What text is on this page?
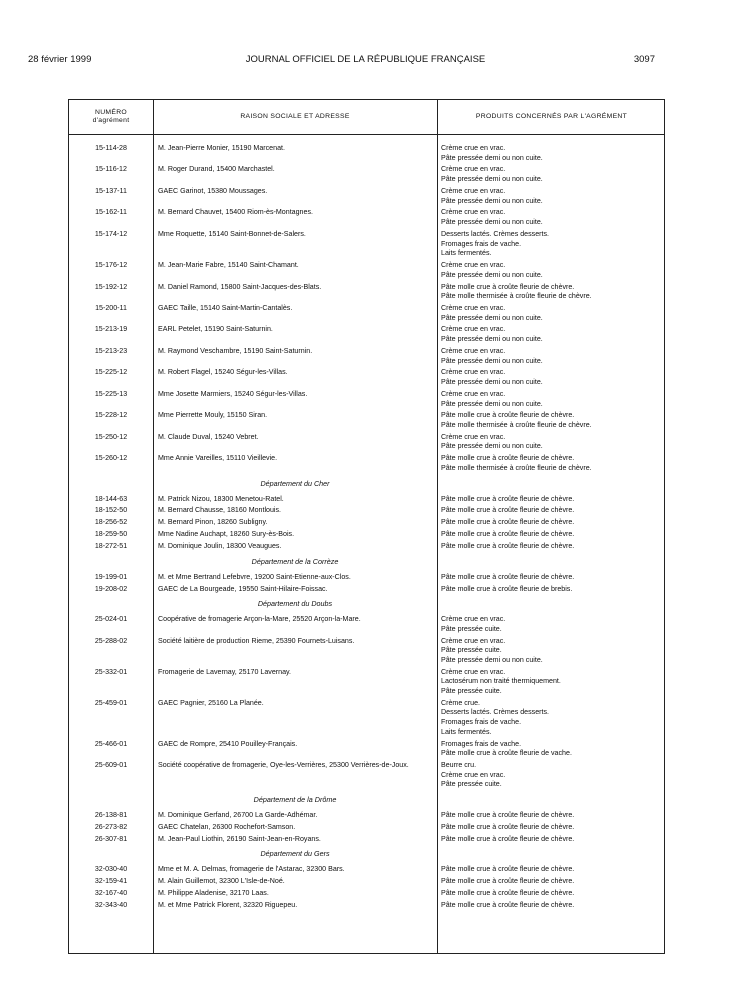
28 février 1999	JOURNAL OFFICIEL DE LA RÉPUBLIQUE FRANÇAISE	3097
NUMÉRO
d'agrément
RAISON SOCIALE ET ADRESSE	PRODUITS CONCERNÉS PAR L'AGRÉMENT
15-114-28	M. Jean-Pierre Monier, 15190 Marcenat.	Crème crue en vrac.
Pâte pressée demi ou non cuite.
15-116-12	M. Roger Durand, 15400 Marchastel.	Crème crue en vrac.
Pâte pressée demi ou non cuite.
15-137-11	GAEC Garinot, 15380 Moussages.	Crème crue en vrac.
Pâte pressée demi ou non cuite.
15-162-11	M. Bernard Chauvet, 15400 Riom-ès-Montagnes.	Crème crue en vrac.
Pâte pressée demi ou non cuite.
15-174-12	Mme Roquette, 15140 Saint-Bonnet-de-Salers.	Desserts lactés. Crèmes desserts.
Fromages frais de vache.
Laits fermentés.
15-176-12	M. Jean-Marie Fabre, 15140 Saint-Chamant.	Crème crue en vrac.
Pâte pressée demi ou non cuite.
15-192-12	M. Daniel Ramond, 15800 Saint-Jacques-des-Blats.	Pâte molle crue à croûte fleurie de chèvre.
Pâte molle thermisée à croûte fleurie de chèvre.
15-200-11	GAEC Taille, 15140 Saint-Martin-Cantalès.	Crème crue en vrac.
Pâte pressée demi ou non cuite.
15-213-19	EARL Petelet, 15190 Saint-Saturnin.	Crème crue en vrac.
Pâte pressée demi ou non cuite.
15-213-23	M. Raymond Veschambre, 15190 Saint-Saturnin.	Crème crue en vrac.
Pâte pressée demi ou non cuite.
15-225-12	M. Robert Flagel, 15240 Ségur-les-Villas.	Crème crue en vrac.
Pâte pressée demi ou non cuite.
15-225-13	Mme Josette Marmiers, 15240 Ségur-les-Villas.	Crème crue en vrac.
Pâte pressée demi ou non cuite.
15-228-12	Mme Pierrette Mouly, 15150 Siran.	Pâte molle crue à croûte fleurie de chèvre.
Pâte molle thermisée à croûte fleurie de chèvre.
15-250-12	M. Claude Duval, 15240 Vebret.	Crème crue en vrac.
Pâte pressée demi ou non cuite.
15-260-12	Mme Annie Vareilles, 15110 Vieillevie.	Pâte molle crue à croûte fleurie de chèvre.
Pâte molle thermisée à croûte fleurie de chèvre.
Département du Cher
18-144-63	M. Patrick Nizou, 18300 Menetou-Ratel.	Pâte molle crue à croûte fleurie de chèvre.
18-152-50	M. Bernard Chausse, 18160 Montlouis.	Pâte molle crue à croûte fleurie de chèvre.
18-256-52	M. Bernard Pinon, 18260 Subligny.	Pâte molle crue à croûte fleurie de chèvre.
18-259-50	Mme Nadine Auchapt, 18260 Sury-ès-Bois.	Pâte molle crue à croûte fleurie de chèvre.
18-272-51	M. Dominique Joulin, 18300 Veaugues.	Pâte molle crue à croûte fleurie de chèvre.
Département de la Corrèze
19-199-01	M. et Mme Bertrand Lefebvre, 19200 Saint-Etienne-aux-Clos.	Pâte molle crue à croûte fleurie de chèvre.
19-208-02	GAEC de La Bourgeade, 19550 Saint-Hilaire-Foissac.	Pâte molle crue à croûte fleurie de brebis.
Département du Doubs
25-024-01	Coopérative de fromagerie Arçon-la-Mare, 25520 Arçon-la-Mare.	Crème crue en vrac.
Pâte pressée cuite.
25-288-02	Société laitière de production Rieme, 25390 Fournets-Luisans.	Crème crue en vrac.
Pâte pressée cuite.
Pâte pressée demi ou non cuite.
25-332-01	Fromagerie de Lavernay, 25170 Lavernay.	Crème crue en vrac.
Lactosérum non traité thermiquement.
Pâte pressée cuite.
25-459-01	GAEC Pagnier, 25160 La Planée.	Crème crue.
Desserts lactés. Crèmes desserts.
Fromages frais de vache.
Laits fermentés.
25-466-01	GAEC de Rompre, 25410 Pouilley-Français.	Fromages frais de vache.
Pâte molle crue à croûte fleurie de vache.
25-609-01	Société coopérative de fromagerie, Oye-les-Verrières, 25300 Verrières-de-Joux.	Beurre cru.
Crème crue en vrac.
Pâte pressée cuite.
Département de la Drôme
26-138-81	M. Dominique Gerfand, 26700 La Garde-Adhémar.	Pâte molle crue à croûte fleurie de chèvre.
26-273-82	GAEC Chatelan, 26300 Rochefort-Samson.	Pâte molle crue à croûte fleurie de chèvre.
26-307-81	M. Jean-Paul Liothin, 26190 Saint-Jean-en-Royans.	Pâte molle crue à croûte fleurie de chèvre.
Département du Gers
32-030-40	Mme et M. A. Delmas, fromagerie de l'Astarac, 32300 Bars.	Pâte molle crue à croûte fleurie de chèvre.
32-159-41	M. Alain Guillemot, 32300 L'Isle-de-Noé.	Pâte molle crue à croûte fleurie de chèvre.
32-167-40	M. Philippe Aladenise, 32170 Laas.	Pâte molle crue à croûte fleurie de chèvre.
32-343-40	M. et Mme Patrick Florent, 32320 Riguepeu.	Pâte molle crue à croûte fleurie de chèvre.
